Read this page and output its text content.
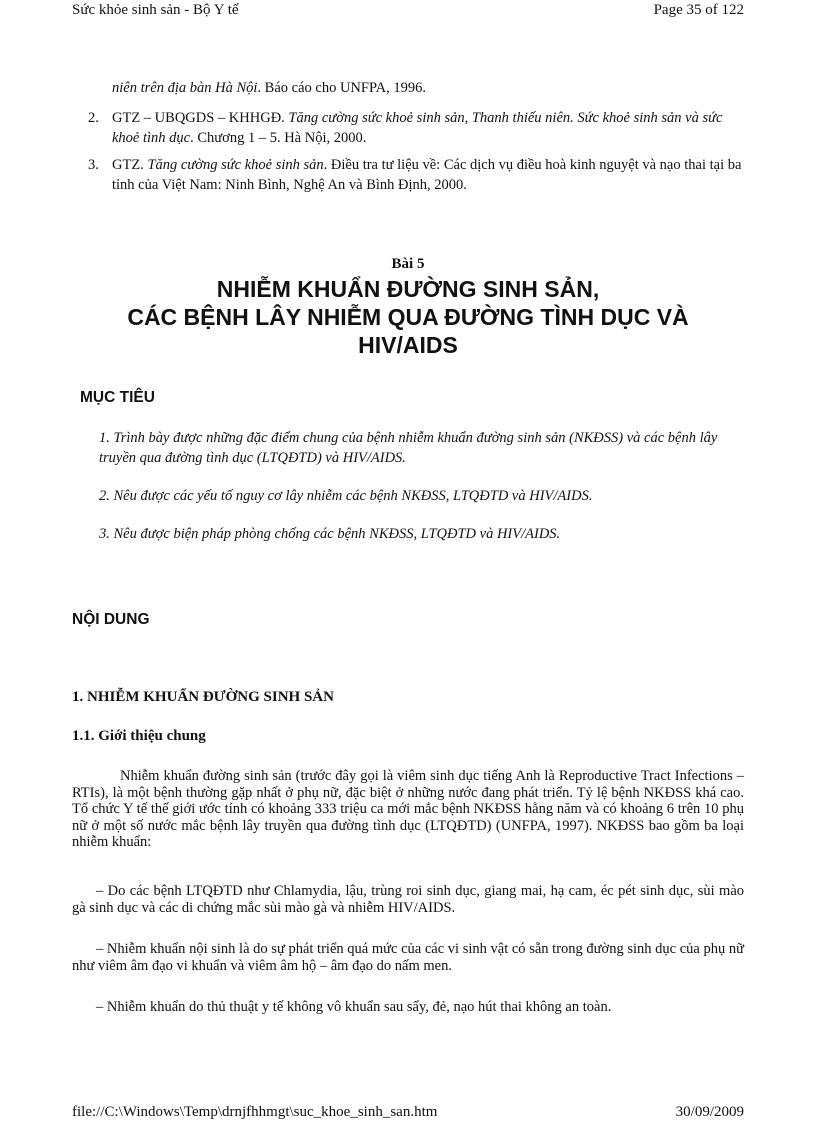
Sức khỏe sinh sản - Bộ Y tế	Page 35 of 122
niên trên địa bàn Hà Nội. Báo cáo cho UNFPA, 1996.
2. GTZ – UBQGDS – KHHGĐ. Tăng cường sức khoẻ sinh sản, Thanh thiếu niên. Sức khoẻ sinh sản và sức khoẻ tình dục. Chương 1 – 5. Hà Nội, 2000.
3. GTZ. Tăng cường sức khoẻ sinh sản. Điều tra tư liệu về: Các dịch vụ điều hoà kinh nguyệt và nạo thai tại ba tỉnh của Việt Nam: Ninh Bình, Nghệ An và Bình Định, 2000.
Bài 5
NHIỄM KHUẨN ĐƯỜNG SINH SẢN,
CÁC BỆNH LÂY NHIỄM QUA ĐƯỜNG TÌNH DỤC VÀ
HIV/AIDS
MỤC TIÊU
1. Trình bày được những đặc điểm chung của bệnh nhiễm khuẩn đường sinh sản (NKĐSS) và các bệnh lây truyền qua đường tình dục (LTQĐTD) và HIV/AIDS.
2. Nêu được các yếu tố nguy cơ lây nhiễm các bệnh NKĐSS, LTQĐTD và HIV/AIDS.
3. Nêu được biện pháp phòng chống các bệnh NKĐSS, LTQĐTD và HIV/AIDS.
NỘI DUNG
1. NHIỄM KHUẨN ĐƯỜNG SINH SẢN
1.1. Giới thiệu chung
Nhiễm khuẩn đường sinh sản (trước đây gọi là viêm sinh dục tiếng Anh là Reproductive Tract Infections – RTIs), là một bệnh thường gặp nhất ở phụ nữ, đặc biệt ở những nước đang phát triển. Tỷ lệ bệnh NKĐSS khá cao. Tổ chức Y tế thế giới ước tính có khoảng 333 triệu ca mới mắc bệnh NKĐSS hằng năm và có khoảng 6 trên 10 phụ nữ ở một số nước mắc bệnh lây truyền qua đường tình dục (LTQĐTD) (UNFPA, 1997). NKĐSS bao gồm ba loại nhiễm khuẩn:
– Do các bệnh LTQĐTD như Chlamydia, lậu, trùng roi sinh dục, giang mai, hạ cam, éc pét sinh dục, sùi mào gà sinh dục và các di chứng mắc sùi mào gà và nhiễm HIV/AIDS.
– Nhiễm khuẩn nội sinh là do sự phát triển quá mức của các vi sinh vật có sẵn trong đường sinh dục của phụ nữ như viêm âm đạo vi khuẩn và viêm âm hộ – âm đạo do nấm men.
– Nhiễm khuẩn do thủ thuật y tế không vô khuẩn sau sẩy, đẻ, nạo hút thai không an toàn.
file://C:\Windows\Temp\drnjfhhmgt\suc_khoe_sinh_san.htm	30/09/2009
